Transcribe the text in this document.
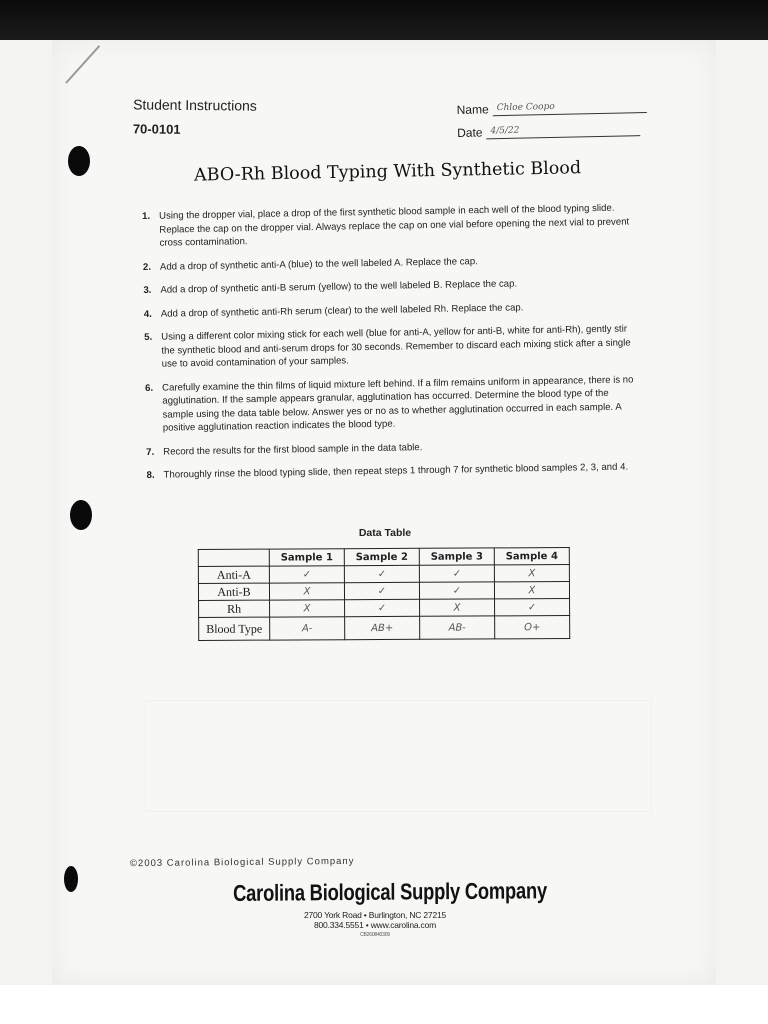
Student Instructions
70-0101
Name Chloe Coopo
Date 4/5/22
ABO-Rh Blood Typing With Synthetic Blood
1. Using the dropper vial, place a drop of the first synthetic blood sample in each well of the blood typing slide. Replace the cap on the dropper vial. Always replace the cap on one vial before opening the next vial to prevent cross contamination.
2. Add a drop of synthetic anti-A (blue) to the well labeled A. Replace the cap.
3. Add a drop of synthetic anti-B serum (yellow) to the well labeled B. Replace the cap.
4. Add a drop of synthetic anti-Rh serum (clear) to the well labeled Rh. Replace the cap.
5. Using a different color mixing stick for each well (blue for anti-A, yellow for anti-B, white for anti-Rh), gently stir the synthetic blood and anti-serum drops for 30 seconds. Remember to discard each mixing stick after a single use to avoid contamination of your samples.
6. Carefully examine the thin films of liquid mixture left behind. If a film remains uniform in appearance, there is no agglutination. If the sample appears granular, agglutination has occurred. Determine the blood type of the sample using the data table below. Answer yes or no as to whether agglutination occurred in each sample. A positive agglutination reaction indicates the blood type.
7. Record the results for the first blood sample in the data table.
8. Thoroughly rinse the blood typing slide, then repeat steps 1 through 7 for synthetic blood samples 2, 3, and 4.
Data Table
	Sample 1	Sample 2	Sample 3	Sample 4
Anti-A	✓	✓	✓	X
Anti-B	X	✓	✓	X
Rh	X	✓	X	✓
Blood Type	A-	AB+	AB-	O+
©2003 Carolina Biological Supply Company
Carolina Biological Supply Company
2700 York Road • Burlington, NC 27215
800.334.5551 • www.carolina.com
CB260840309
